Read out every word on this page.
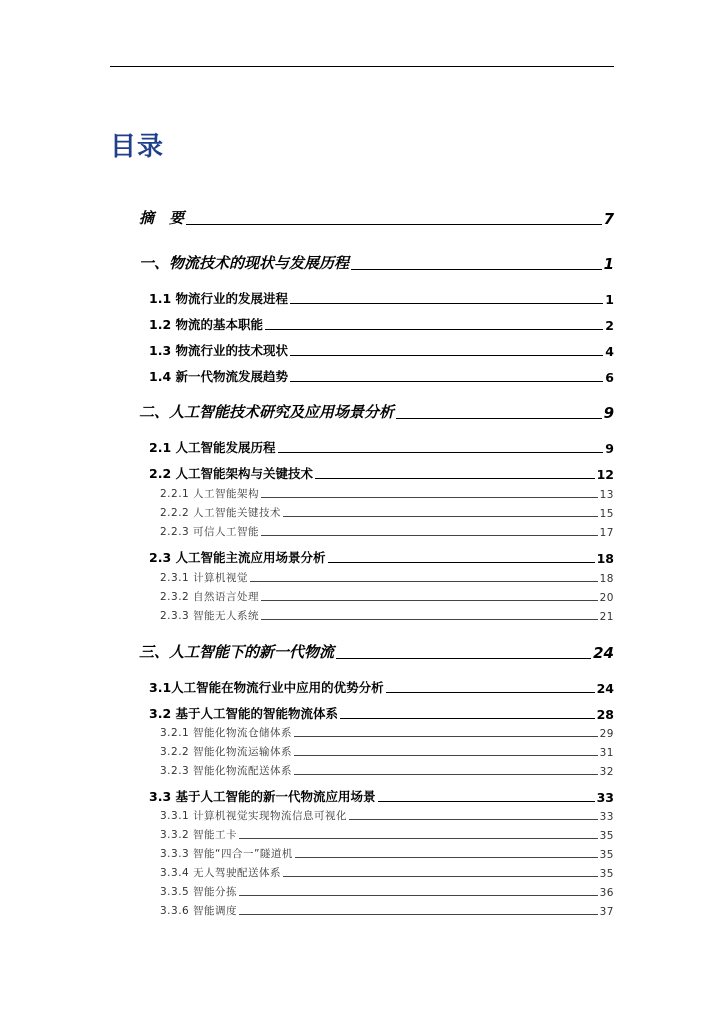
目录
摘　要	7
一、物流技术的现状与发展历程	1
1.1 物流行业的发展进程	1
1.2 物流的基本职能	2
1.3 物流行业的技术现状	4
1.4 新一代物流发展趋势	6
二、人工智能技术研究及应用场景分析	9
2.1 人工智能发展历程	9
2.2 人工智能架构与关键技术	12
2.2.1 人工智能架构	13
2.2.2 人工智能关键技术	15
2.2.3 可信人工智能	17
2.3 人工智能主流应用场景分析	18
2.3.1 计算机视觉	18
2.3.2 自然语言处理	20
2.3.3 智能无人系统	21
三、人工智能下的新一代物流	24
3.1人工智能在物流行业中应用的优势分析	24
3.2 基于人工智能的智能物流体系	28
3.2.1 智能化物流仓储体系	29
3.2.2 智能化物流运输体系	31
3.2.3 智能化物流配送体系	32
3.3 基于人工智能的新一代物流应用场景	33
3.3.1 计算机视觉实现物流信息可视化	33
3.3.2 智能工卡	35
3.3.3 智能“四合一”隧道机	35
3.3.4 无人驾驶配送体系	35
3.3.5 智能分拣	36
3.3.6 智能调度	37
